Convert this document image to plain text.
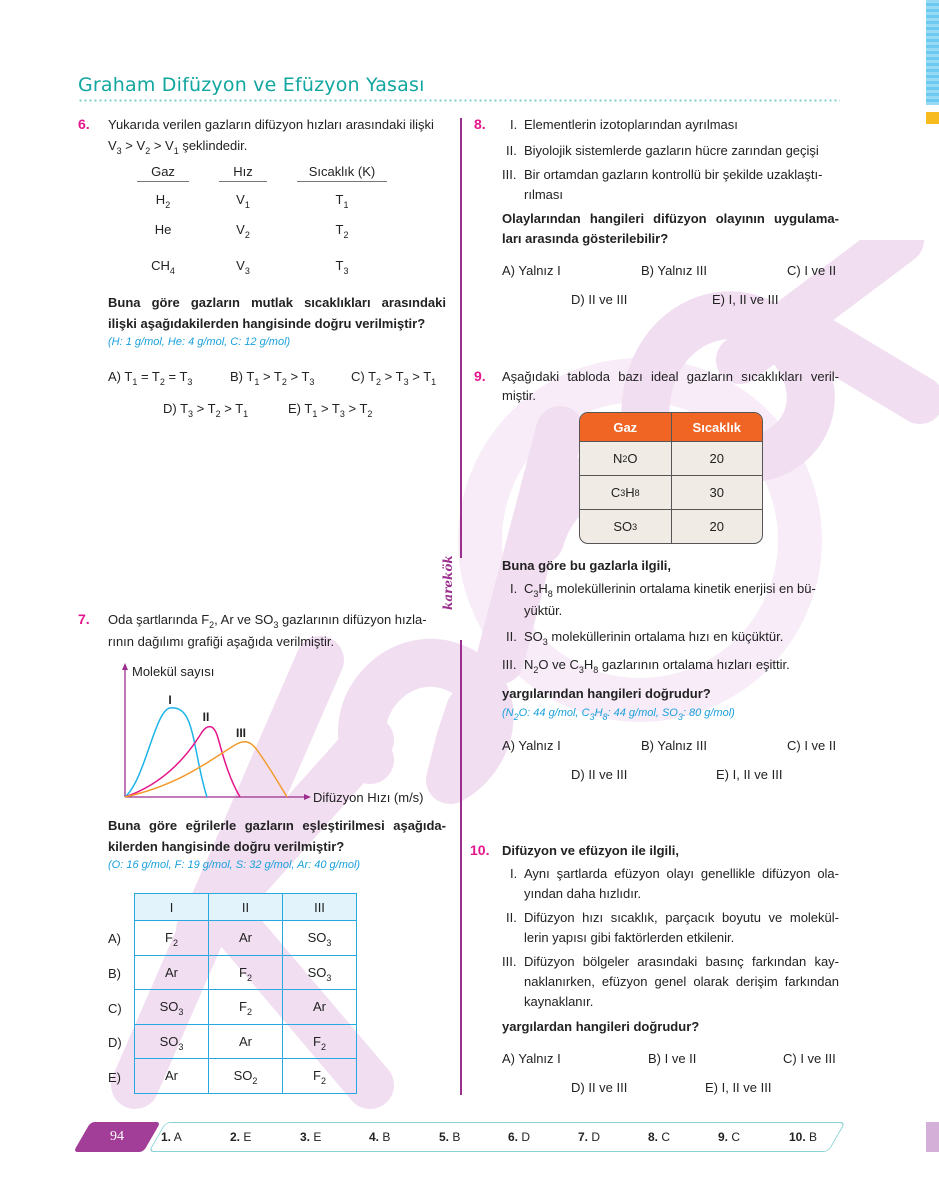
Graham Difüzyon ve Efüzyon Yasası
karekök
6. Yukarıda verilen gazların difüzyon hızları arasındaki ilişki
$V_3 > V_2 > V_1$ şeklindedir.
Gaz	Hız	Sıcaklık (K)
$H_2$	$V_1$	$T_1$
He	$V_2$	$T_2$
$CH_4$	$V_3$	$T_3$
Buna göre gazların mutlak sıcaklıkları arasındaki
ilişki aşağıdakilerden hangisinde doğru verilmiştir?
(H: 1 g/mol, He: 4 g/mol, C: 12 g/mol)
A) $T_1 = T_2 = T_3$	B) $T_1 > T_2 > T_3$	C) $T_2 > T_3 > T_1$
D) $T_3 > T_2 > T_1$	E) $T_1 > T_3 > T_2$
7. Oda şartlarında $F_2$, Ar ve $SO_3$ gazlarının difüzyon hızla-
rının dağılımı grafiği aşağıda verilmiştir.
Molekül sayısı
I
II
III
Difüzyon Hızı (m/s)
Buna göre eğrilerle gazların eşleştirilmesi aşağıda-
kilerden hangisinde doğru verilmiştir?
(O: 16 g/mol, F: 19 g/mol, S: 32 g/mol, Ar: 40 g/mol)
A)
B)
C)
D)
E)
I	II	III
$F_2$	Ar	$SO_3$
Ar	$F_2$	$SO_3$
$SO_3$	$F_2$	Ar
$SO_3$	Ar	$F_2$
Ar	$SO_2$	$F_2$
8. I. Elementlerin izotoplarından ayrılması
II. Biyolojik sistemlerde gazların hücre zarından geçişi
III. Bir ortamdan gazların kontrollü bir şekilde uzaklaştı-
rılması
Olaylarından hangileri difüzyon olayının uygulama-
ları arasında gösterilebilir?
A) Yalnız I	B) Yalnız III	C) I ve II
D) II ve III	E) I, II ve III
9. Aşağıdaki tabloda bazı ideal gazların sıcaklıkları veril-
miştir.
Gaz	Sıcaklık
N 2 O	20
C 3 H 8	30
SO 3	20
Buna göre bu gazlarla ilgili,
I. $C_3H_8$ moleküllerinin ortalama kinetik enerjisi en bü-
yüktür.
II. $SO_3$ moleküllerinin ortalama hızı en küçüktür.
III. $N_2O$ ve $C_3H_8$ gazlarının ortalama hızları eşittir.
yargılarından hangileri doğrudur?
($N_2O$: 44 g/mol, $C_3H_8$: 44 g/mol, $SO_3$: 80 g/mol)
A) Yalnız I	B) Yalnız III	C) I ve II
D) II ve III	E) I, II ve III
10. Difüzyon ve efüzyon ile ilgili,
I. Aynı şartlarda efüzyon olayı genellikle difüzyon ola-
yından daha hızlıdır.
II. Difüzyon hızı sıcaklık, parçacık boyutu ve molekül-
lerin yapısı gibi faktörlerden etkilenir.
III. Difüzyon bölgeler arasındaki basınç farkından kay-
naklanırken, efüzyon genel olarak derişim farkından
kaynaklanır.
yargılardan hangileri doğrudur?
A) Yalnız I	B) I ve II	C) I ve III
D) II ve III	E) I, II ve III
94	1. A	2. E	3. E	4. B	5. B	6. D	7. D	8. C	9. C	10. B
